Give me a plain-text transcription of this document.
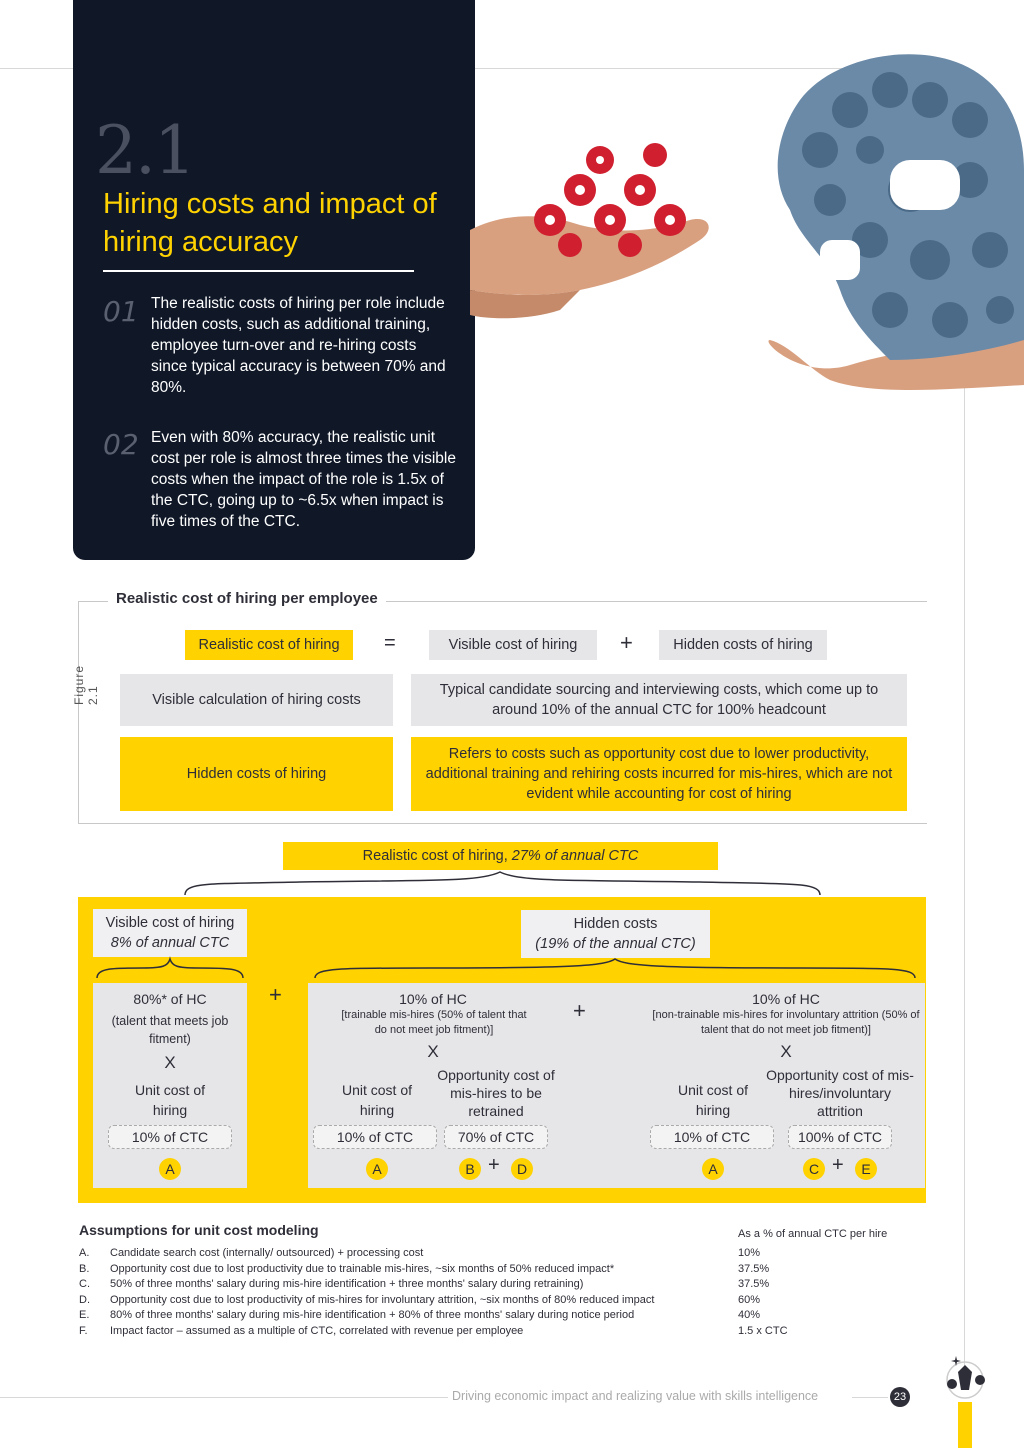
2.1
Hiring costs and impact of hiring accuracy
01 The realistic costs of hiring per role include hidden costs, such as additional training, employee turn-over and re-hiring costs since typical accuracy is between 70% and 80%.
02 Even with 80% accuracy, the realistic unit cost per role is almost three times the visible costs when the impact of the role is 1.5x of the CTC, going up to ~6.5x when impact is five times of the CTC.
Realistic cost of hiring per employee
Figure 2.1
Realistic cost of hiring	=	Visible cost of hiring	+	Hidden costs of hiring
Visible calculation of hiring costs
Typical candidate sourcing and interviewing costs, which come up to around 10% of the annual CTC for 100% headcount
Hidden costs of hiring
Refers to costs such as opportunity cost due to lower productivity, additional training and rehiring costs incurred for mis-hires, which are not evident while accounting for cost of hiring
Realistic cost of hiring,
27% of annual CTC
Visible cost of hiring
8% of annual CTC
Hidden costs
(19% of the annual CTC)
80%* of HC
(talent that meets job fitment)
X
Unit cost of hiring
10% of CTC
A
+	10% of HC
[trainable mis-hires (50% of talent that do not meet job fitment)]
X
Unit cost of hiring
Opportunity cost of mis-hires to be retrained
10% of CTC	70% of CTC
A	B +	D
+	10% of HC
[non-trainable mis-hires for involuntary attrition (50% of talent that do not meet job fitment)]
X
Unit cost of hiring
Opportunity cost of mis-hires/involuntary attrition
10% of CTC	100% of CTC
A	C +	E
Assumptions for unit cost modeling	As a % of annual CTC per hire
A.	Candidate search cost (internally/ outsourced) + processing cost	10%
B.	Opportunity cost due to lost productivity due to trainable mis-hires, ~six months of 50% reduced impact*	37.5%
C.	50% of three months' salary during mis-hire identification + three months' salary during retraining)	37.5%
D.	Opportunity cost due to lost productivity of mis-hires for involuntary attrition, ~six months of 80% reduced impact	60%
E.	80% of three months' salary during mis-hire identification + 80% of three months' salary during notice period	40%
F.	Impact factor – assumed as a multiple of CTC, correlated with revenue per employee	1.5 x CTC
Driving economic impact and realizing value with skills intelligence	23
